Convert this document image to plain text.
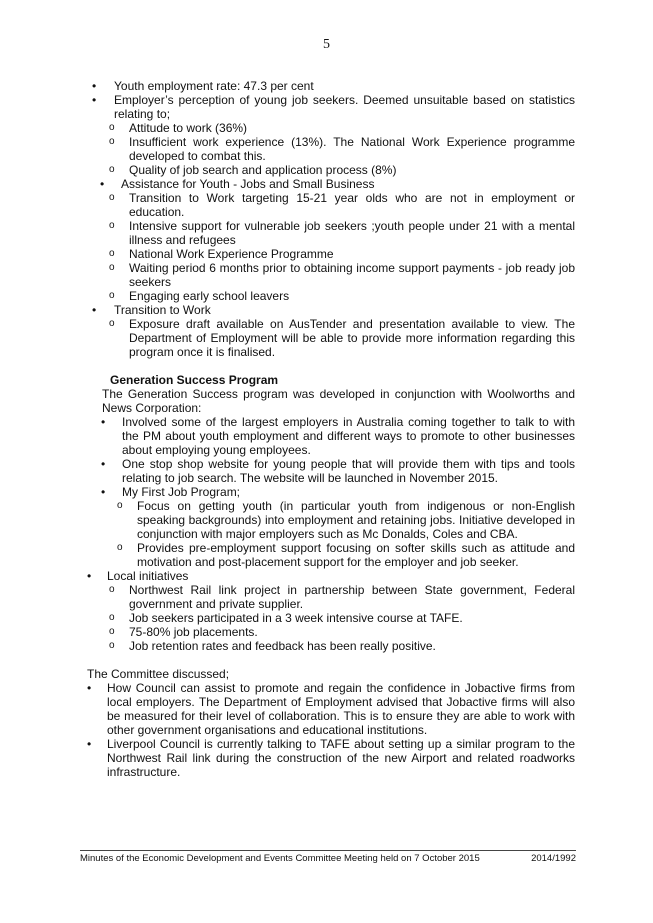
5
• Youth employment rate: 47.3 per cent
• Employer’s perception of young job seekers. Deemed unsuitable based on statistics relating to;
o Attitude to work (36%)
o Insufficient work experience (13%). The National Work Experience programme developed to combat this.
o Quality of job search and application process (8%)
• Assistance for Youth - Jobs and Small Business
o Transition to Work targeting 15-21 year olds who are not in employment or education.
o Intensive support for vulnerable job seekers ;youth people under 21 with a mental illness and refugees
o National Work Experience Programme
o Waiting period 6 months prior to obtaining income support payments - job ready job seekers
o Engaging early school leavers
• Transition to Work
o Exposure draft available on AusTender and presentation available to view. The Department of Employment will be able to provide more information regarding this program once it is finalised.
Generation Success Program
The Generation Success program was developed in conjunction with Woolworths and News Corporation:
• Involved some of the largest employers in Australia coming together to talk to with the PM about youth employment and different ways to promote to other businesses about employing young employees.
• One stop shop website for young people that will provide them with tips and tools relating to job search. The website will be launched in November 2015.
• My First Job Program;
o Focus on getting youth (in particular youth from indigenous or non-English speaking backgrounds) into employment and retaining jobs. Initiative developed in conjunction with major employers such as Mc Donalds, Coles and CBA.
o Provides pre-employment support focusing on softer skills such as attitude and motivation and post-placement support for the employer and job seeker.
• Local initiatives
o Northwest Rail link project in partnership between State government, Federal government and private supplier.
o Job seekers participated in a 3 week intensive course at TAFE.
o 75-80% job placements.
o Job retention rates and feedback has been really positive.
The Committee discussed;
• How Council can assist to promote and regain the confidence in Jobactive firms from local employers. The Department of Employment advised that Jobactive firms will also be measured for their level of collaboration. This is to ensure they are able to work with other government organisations and educational institutions.
• Liverpool Council is currently talking to TAFE about setting up a similar program to the Northwest Rail link during the construction of the new Airport and related roadworks infrastructure.
Minutes of the Economic Development and Events Committee Meeting held on 7 October 2015	2014/1992
